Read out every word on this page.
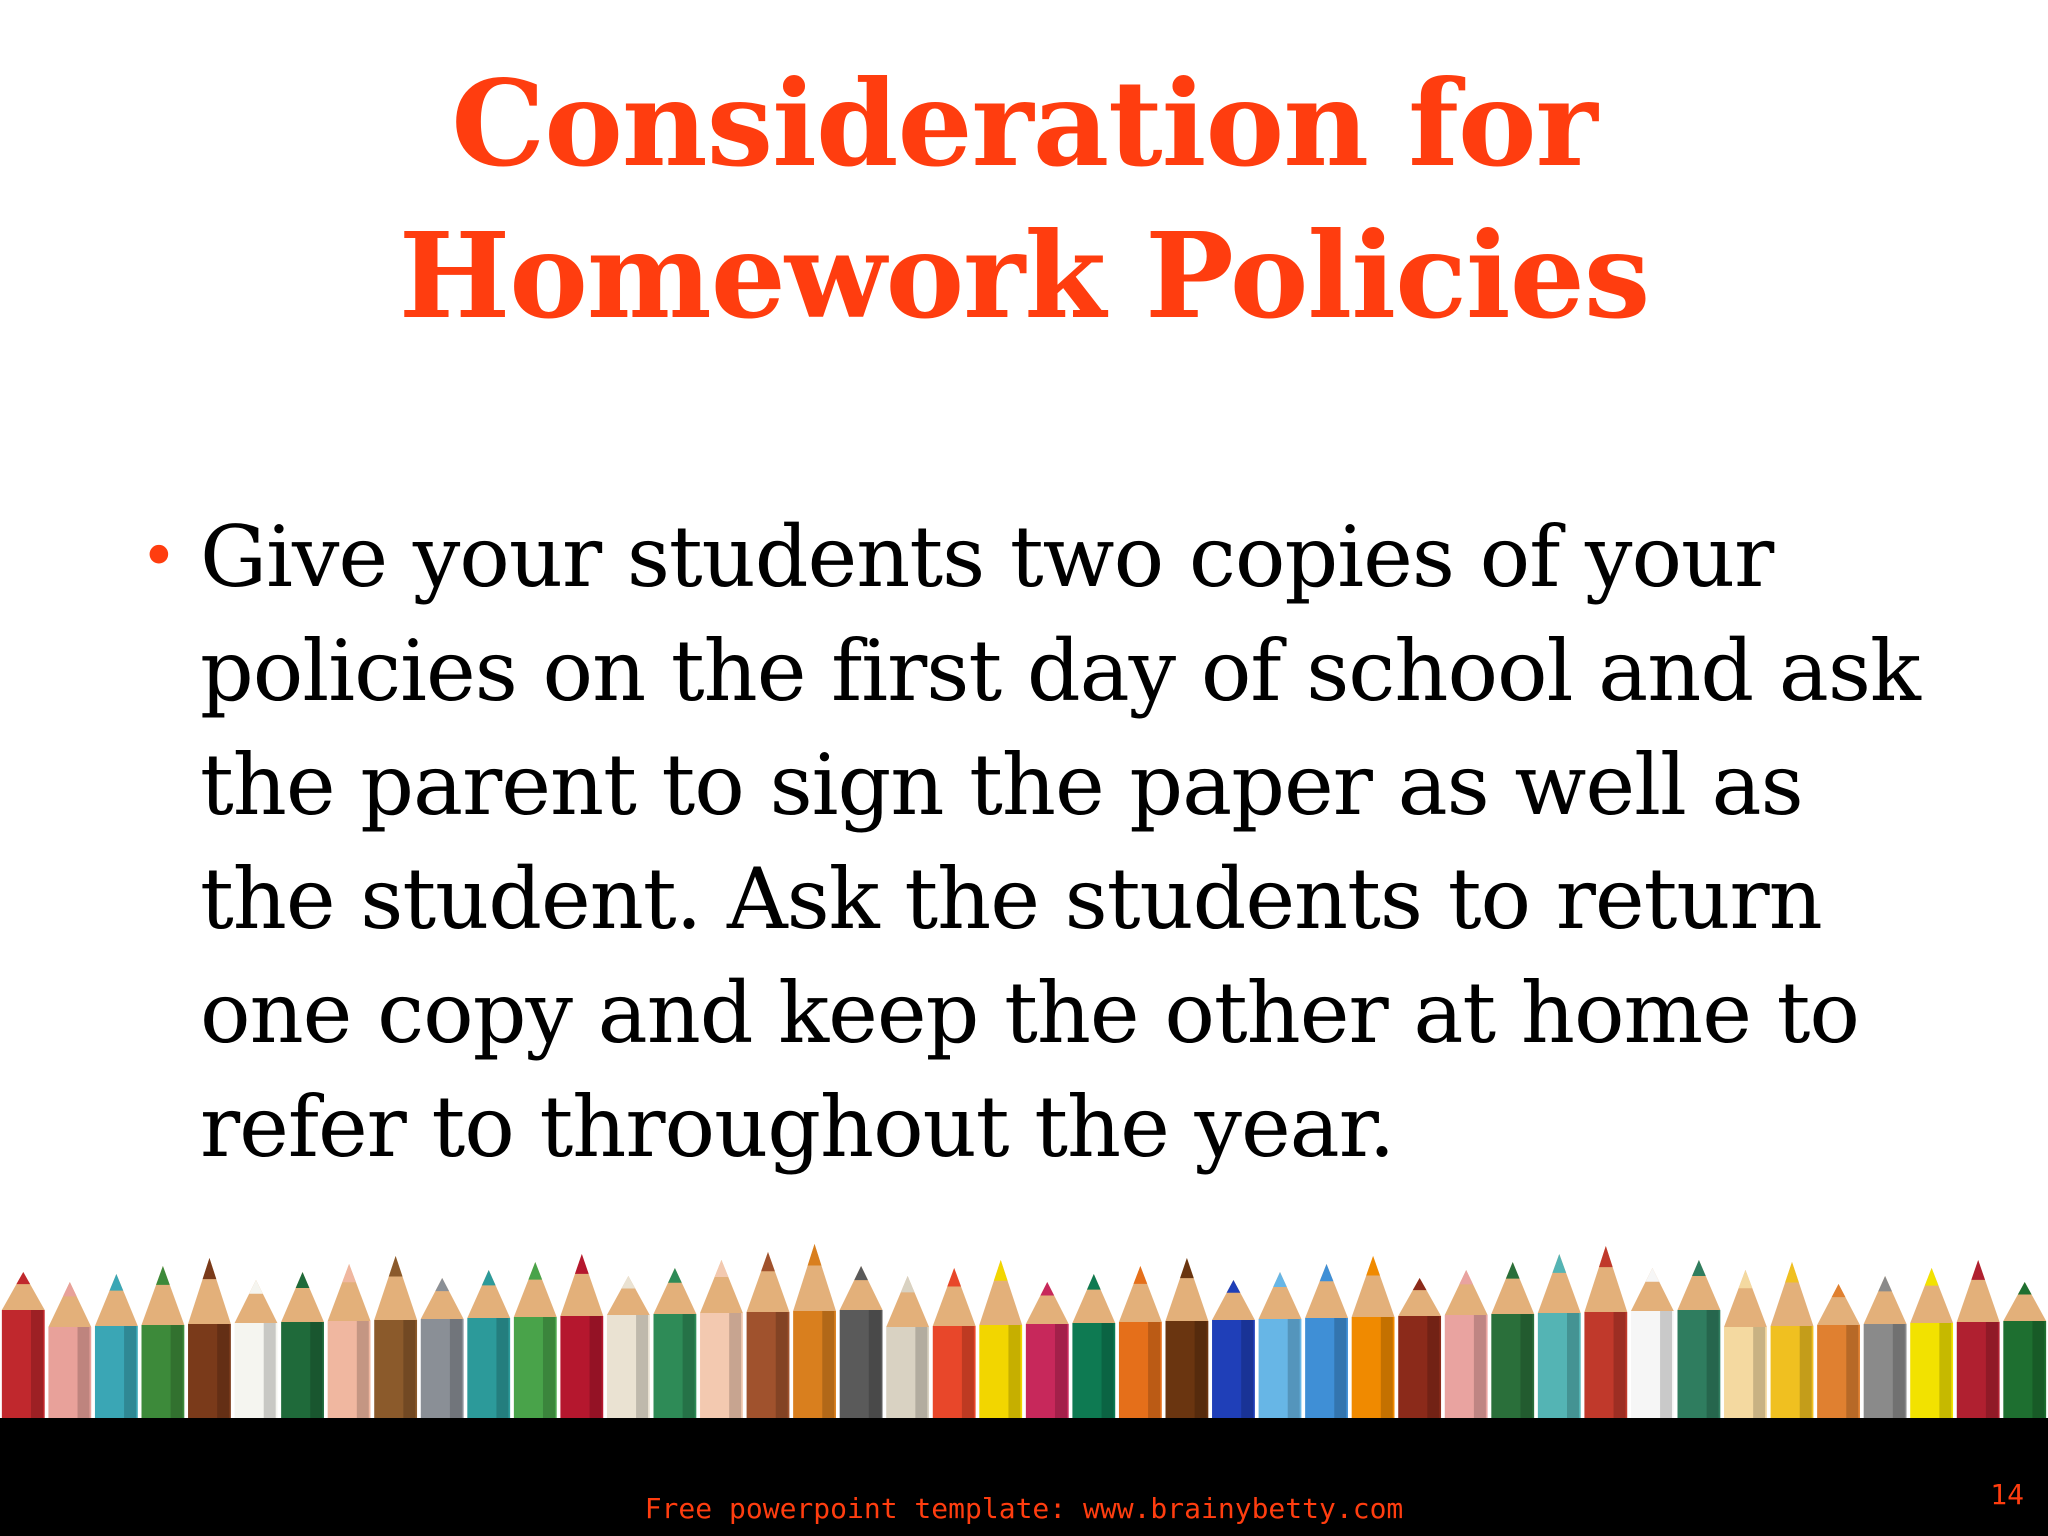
Consideration for Homework Policies
• Give your students two copies of your policies on the first day of school and ask the parent to sign the paper as well as the student. Ask the students to return one copy and keep the other at home to refer to throughout the year.
Free powerpoint template: www.brainybetty.com	14
